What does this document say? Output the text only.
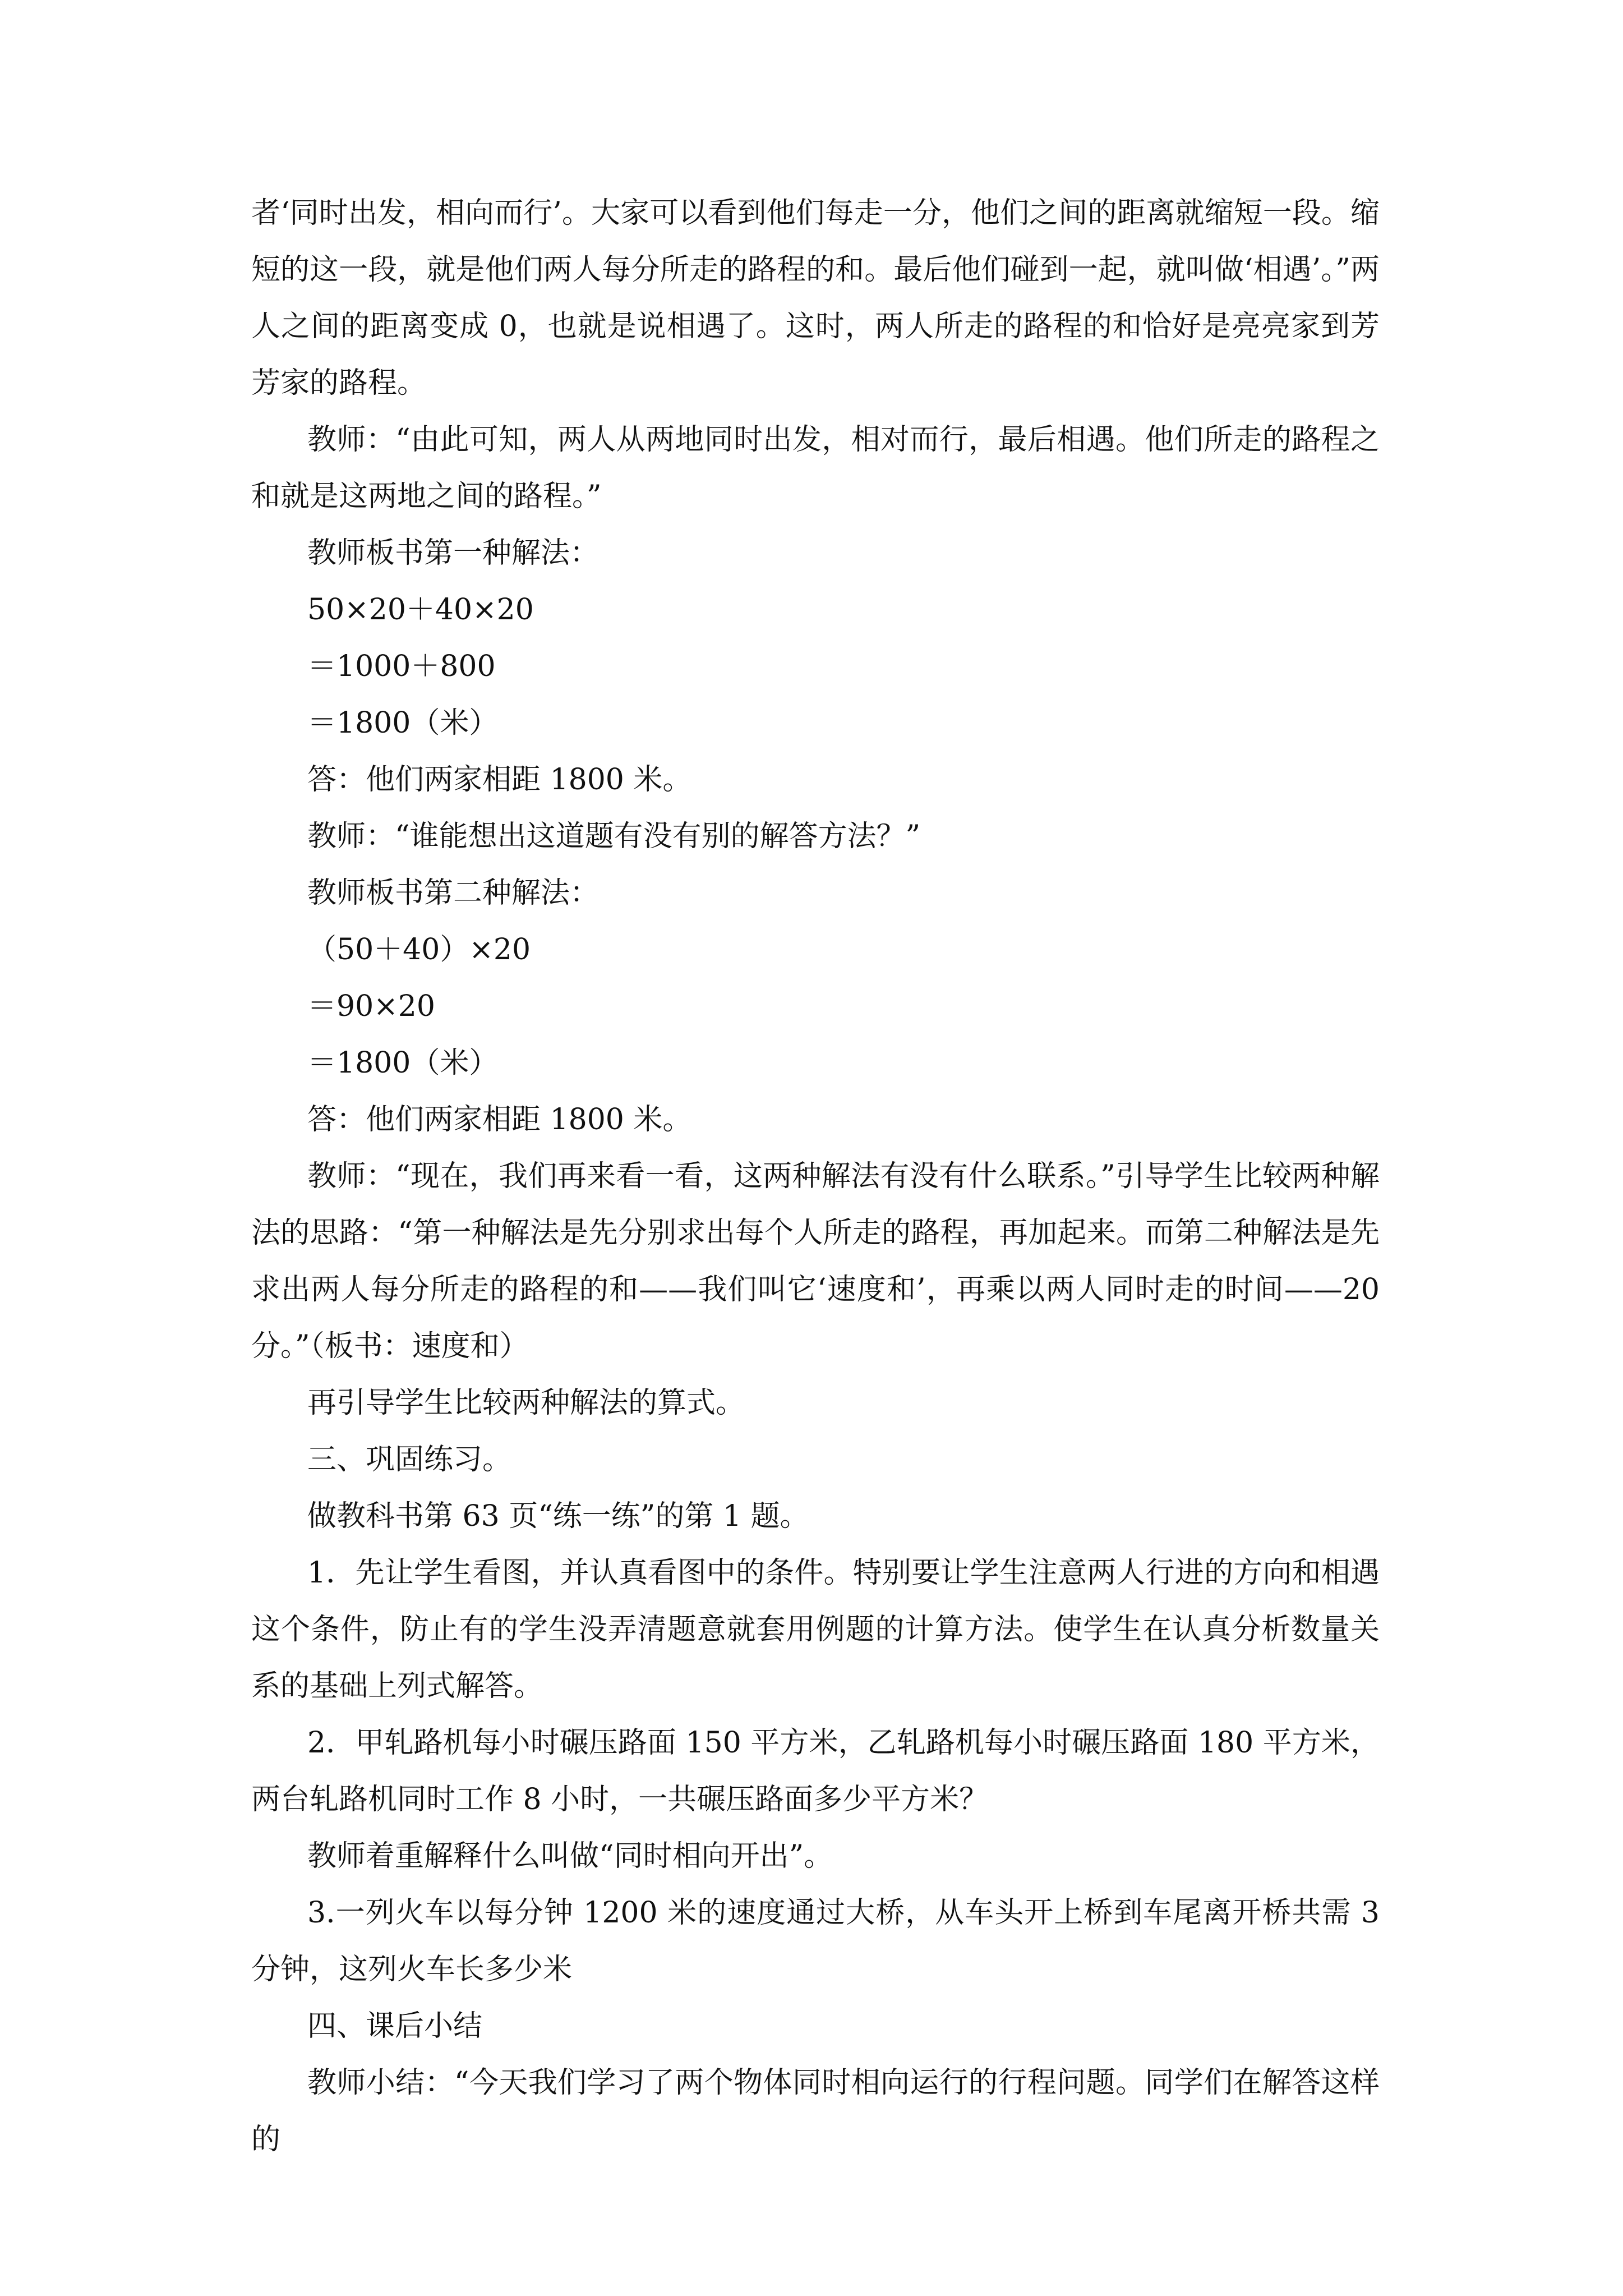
者‘同时出发，相向而行’。大家可以看到他们每走一分，他们之间的距离就缩短一段。缩短的这一段，就是他们两人每分所走的路程的和。最后他们碰到一起，就叫做‘相遇’。”两人之间的距离变成 0，也就是说相遇了。这时，两人所走的路程的和恰好是亮亮家到芳芳家的路程。

教师：“由此可知，两人从两地同时出发，相对而行，最后相遇。他们所走的路程之和就是这两地之间的路程。”

教师板书第一种解法：

50×20＋40×20

＝1000＋800

＝1800（米）

答：他们两家相距 1800 米。

教师：“谁能想出这道题有没有别的解答方法？”

教师板书第二种解法：

（50＋40）×20

＝90×20

＝1800（米）

答：他们两家相距 1800 米。

教师：“现在，我们再来看一看，这两种解法有没有什么联系。”引导学生比较两种解法的思路：“第一种解法是先分别求出每个人所走的路程，再加起来。而第二种解法是先求出两人每分所走的路程的和——我们叫它‘速度和’，再乘以两人同时走的时间——20 分。”（板书：速度和）

再引导学生比较两种解法的算式。

三、巩固练习。

做教科书第 63 页“练一练”的第 1 题。

1．先让学生看图，并认真看图中的条件。特别要让学生注意两人行进的方向和相遇这个条件，防止有的学生没弄清题意就套用例题的计算方法。使学生在认真分析数量关系的基础上列式解答。

2．甲轧路机每小时碾压路面 150 平方米，乙轧路机每小时碾压路面 180 平方米，两台轧路机同时工作 8 小时，一共碾压路面多少平方米？

教师着重解释什么叫做“同时相向开出”。

3.一列火车以每分钟 1200 米的速度通过大桥，从车头开上桥到车尾离开桥共需 3 分钟，这列火车长多少米

四、课后小结

教师小结：“今天我们学习了两个物体同时相向运行的行程问题。同学们在解答这样的
